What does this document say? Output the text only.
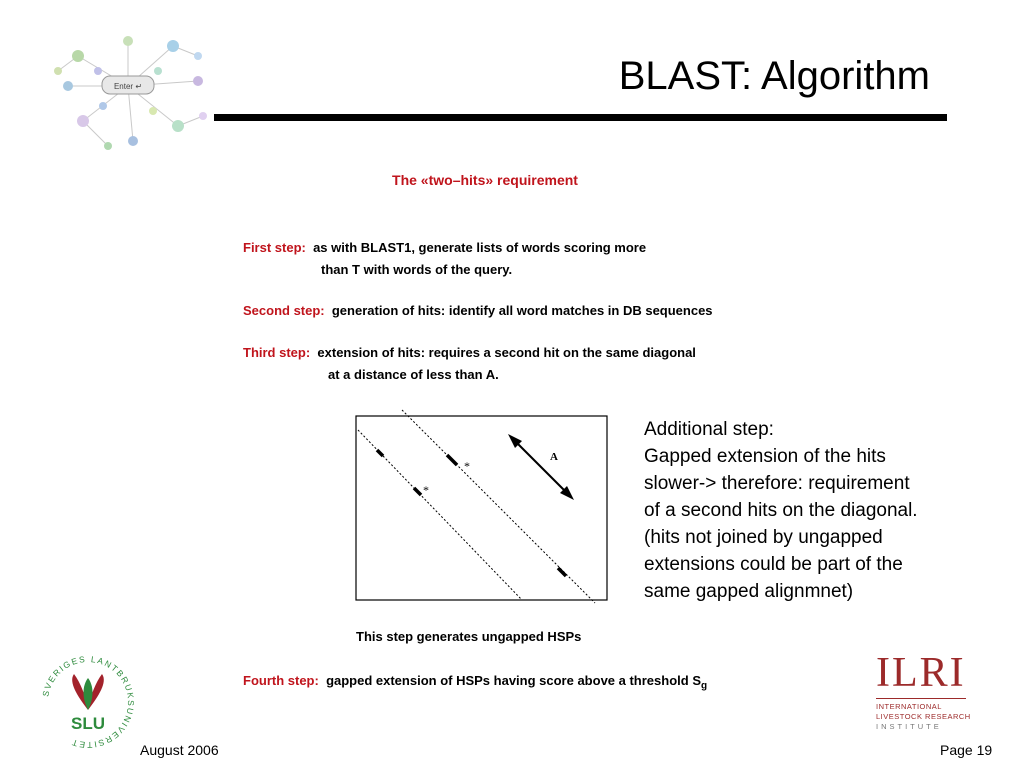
Enter ↵	BLAST: Algorithm
The «two–hits» requirement
First step: as with BLAST1, generate lists of words scoring more
than T with words of the query.
Second step: generation of hits: identify all word matches in DB sequences
Third step: extension of hits: requires a second hit on the same diagonal
at a distance of less than A.
*
*
A
This step generates ungapped HSPs
Fourth step: gapped extension of HSPs having score above a threshold $S_g$
Additional step:
Gapped extension of the hits
slower-> therefore: requirement
of a second hits on the diagonal.
(hits not joined by ungapped
extensions could be part of the
same gapped alignmnet)
SVERIGES LANTBRUKSUNIVERSITET
SLU
ILRI
INTERNATIONAL
LIVESTOCK RESEARCH
INSTITUTE
August 2006	Page 19
